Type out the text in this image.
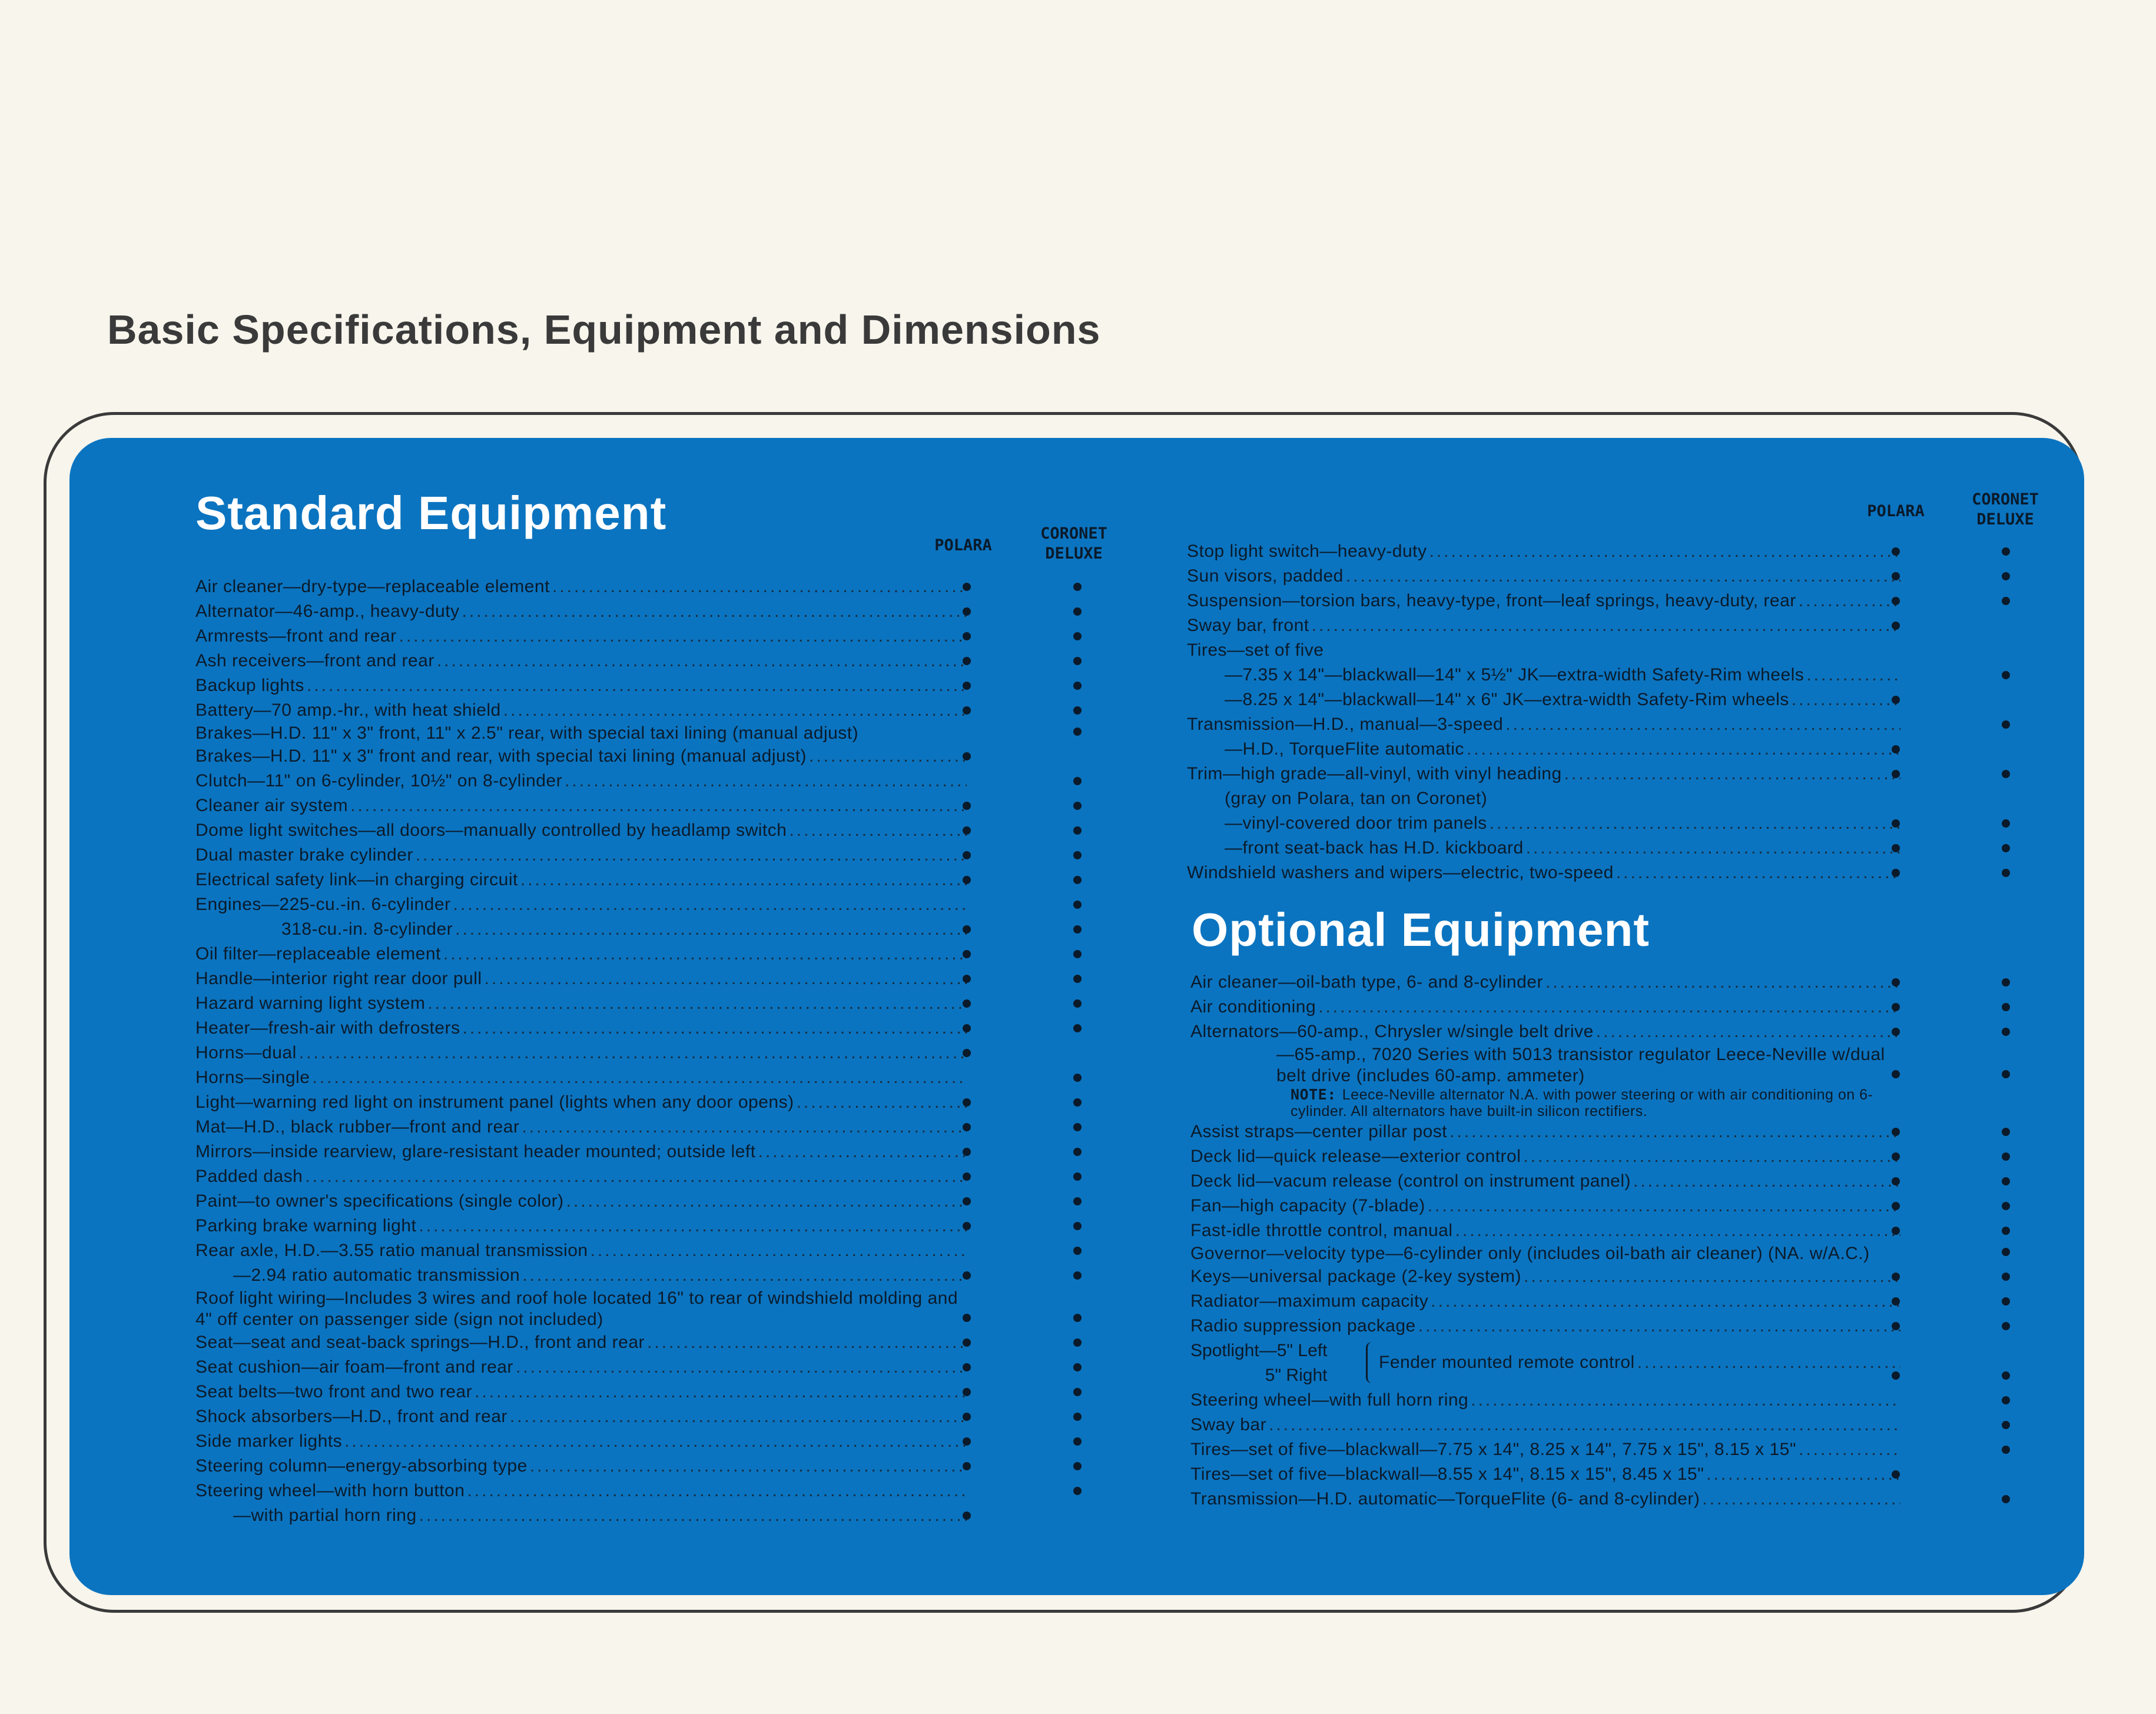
Basic Specifications, Equipment and Dimensions
Standard Equipment
POLARA
CORONET
DELUXE
Air cleaner—dry-type—replaceable element
.....
Alternator—46-amp., heavy-duty
.....
Armrests—front and rear
.....
Ash receivers—front and rear
.....
Backup lights
.....
Battery—70 amp.-hr., with heat shield
.....
Brakes—H.D. 11" x 3" front, 11" x 2.5" rear, with special taxi lining (manual adjust)
Brakes—H.D. 11" x 3" front and rear, with special taxi lining (manual adjust)
.....
Clutch—11" on 6-cylinder, 10½" on 8-cylinder
.....
Cleaner air system
.....
Dome light switches—all doors—manually controlled by headlamp switch
.....
Dual master brake cylinder
.....
Electrical safety link—in charging circuit
.....
Engines—225-cu.-in. 6-cylinder
.....
318-cu.-in. 8-cylinder
.....
Oil filter—replaceable element
.....
Handle—interior right rear door pull
.....
Hazard warning light system
.....
Heater—fresh-air with defrosters
.....
Horns—dual
.....
Horns—single
.....
Light—warning red light on instrument panel (lights when any door opens)
.....
Mat—H.D., black rubber—front and rear
.....
Mirrors—inside rearview, glare-resistant header mounted; outside left
.....
Padded dash
.....
Paint—to owner's specifications (single color)
.....
Parking brake warning light
.....
Rear axle, H.D.—3.55 ratio manual transmission
.....
—2.94 ratio automatic transmission
.....
Roof light wiring—Includes 3 wires and roof hole located 16" to rear of windshield molding and 4" off center on passenger side (sign not included)
Seat—seat and seat-back springs—H.D., front and rear
.....
Seat cushion—air foam—front and rear
.....
Seat belts—two front and two rear
.....
Shock absorbers—H.D., front and rear
.....
Side marker lights
.....
Steering column—energy-absorbing type
.....
Steering wheel—with horn button
.....
—with partial horn ring
.....
POLARA
CORONET
DELUXE
Stop light switch—heavy-duty
.....
Sun visors, padded
.....
Suspension—torsion bars, heavy-type, front—leaf springs, heavy-duty, rear
.....
Sway bar, front
.....
Tires—set of five
—7.35 x 14"—blackwall—14" x 5½" JK—extra-width Safety-Rim wheels
.....
—8.25 x 14"—blackwall—14" x 6" JK—extra-width Safety-Rim wheels
.....
Transmission—H.D., manual—3-speed
.....
—H.D., TorqueFlite automatic
.....
Trim—high grade—all-vinyl, with vinyl heading
.....
(gray on Polara, tan on Coronet)
—vinyl-covered door trim panels
.....
—front seat-back has H.D. kickboard
.....
Windshield washers and wipers—electric, two-speed
.....
Optional Equipment
Air cleaner—oil-bath type, 6- and 8-cylinder
.....
Air conditioning
.....
Alternators—60-amp., Chrysler w/single belt drive
.....
—65-amp., 7020 Series with 5013 transistor regulator Leece-Neville w/dual belt drive (includes 60-amp. ammeter)
NOTE: Leece-Neville alternator N.A. with power steering or with air conditioning on 6-cylinder. All alternators have built-in silicon rectifiers.
Assist straps—center pillar post
.....
Deck lid—quick release—exterior control
.....
Deck lid—vacum release (control on instrument panel)
.....
Fan—high capacity (7-blade)
.....
Fast-idle throttle control, manual
.....
Governor—velocity type—6-cylinder only (includes oil-bath air cleaner) (NA. w/A.C.)
Keys—universal package (2-key system)
.....
Radiator—maximum capacity
.....
Radio suppression package
.....
Spotlight—5" Left
5" Right
Fender mounted remote control
.....
Steering wheel—with full horn ring
.....
Sway bar
.....
Tires—set of five—blackwall—7.75 x 14", 8.25 x 14", 7.75 x 15", 8.15 x 15"
.....
Tires—set of five—blackwall—8.55 x 14", 8.15 x 15", 8.45 x 15"
.....
Transmission—H.D. automatic—TorqueFlite (6- and 8-cylinder)
.....
